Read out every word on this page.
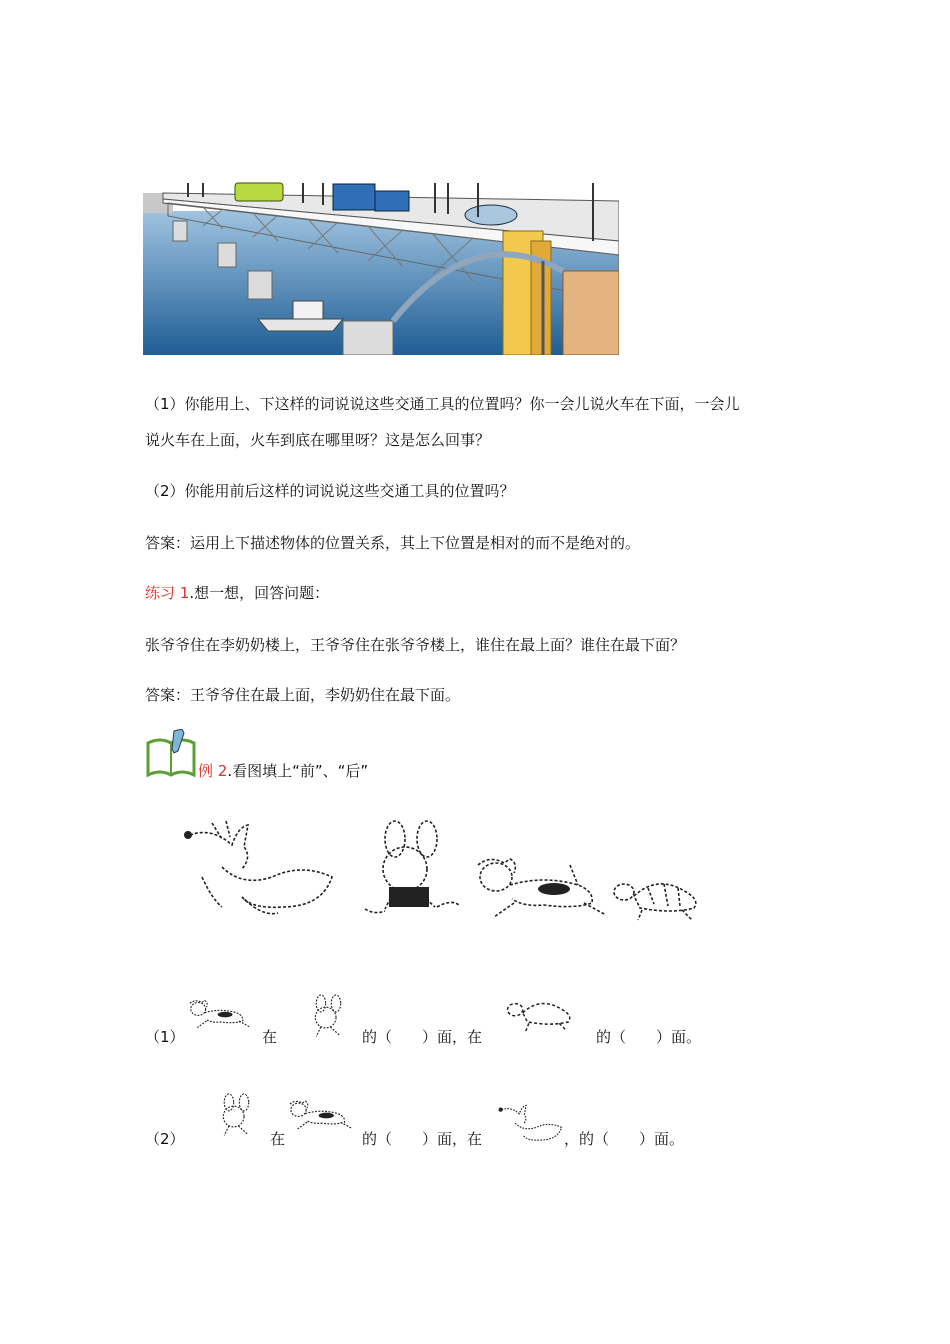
（1）你能用上、下这样的词说说这些交通工具的位置吗？你一会儿说火车在下面，一会儿
说火车在上面，火车到底在哪里呀？这是怎么回事？
（2）你能用前后这样的词说说这些交通工具的位置吗？
答案：运用上下描述物体的位置关系，其上下位置是相对的而不是绝对的。
练习 1.想一想，回答问题：
张爷爷住在李奶奶楼上，王爷爷住在张爷爷楼上，谁住在最上面？谁住在最下面？
答案：王爷爷住在最上面，李奶奶住在最下面。
例 2.看图填上“前”、“后”
（1）	在	的（　　）面，在	的（　　）面。
（2）	在	的（　　）面，在	，的（　　）面。
